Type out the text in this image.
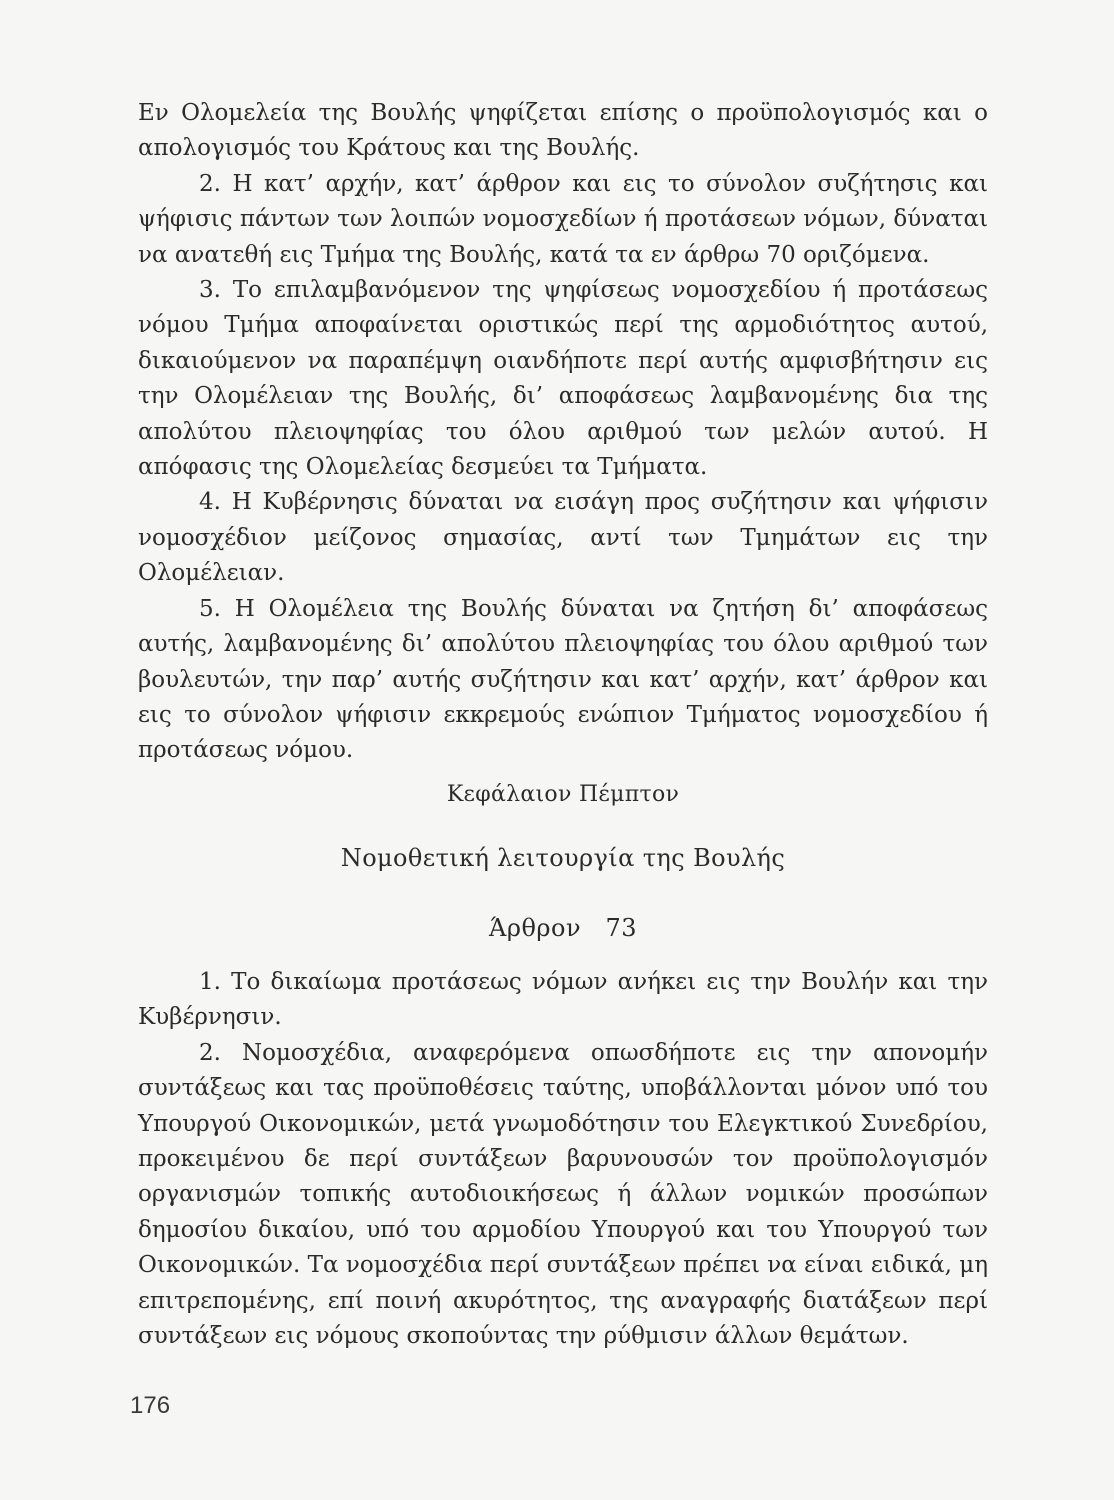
Εν Ολομελεία της Βουλής ψηφίζεται επίσης ο προϋπολογισμός και ο απολογισμός του Κράτους και της Βουλής.

2. Η κατ’ αρχήν, κατ’ άρθρον και εις το σύνολον συζήτησις και ψήφισις πάντων των λοιπών νομοσχεδίων ή προτάσεων νόμων, δύναται να ανατεθή εις Τμήμα της Βουλής, κατά τα εν άρθρω 70 οριζόμενα.

3. Το επιλαμβανόμενον της ψηφίσεως νομοσχεδίου ή προτάσεως νόμου Τμήμα αποφαίνεται οριστικώς περί της αρμοδιότητος αυτού, δικαιούμενον να παραπέμψη οιανδήποτε περί αυτής αμφισβήτησιν εις την Ολομέλειαν της Βουλής, δι’ αποφάσεως λαμβανομένης δια της απολύτου πλειοψηφίας του όλου αριθμού των μελών αυτού. Η απόφασις της Ολομελείας δεσμεύει τα Τμήματα.

4. Η Κυβέρνησις δύναται να εισάγη προς συζήτησιν και ψήφισιν νομοσχέδιον μείζονος σημασίας, αντί των Τμημάτων εις την Ολομέλειαν.

5. Η Ολομέλεια της Βουλής δύναται να ζητήση δι’ αποφάσεως αυτής, λαμβανομένης δι’ απολύτου πλειοψηφίας του όλου αριθμού των βουλευτών, την παρ’ αυτής συζήτησιν και κατ’ αρχήν, κατ’ άρθρον και εις το σύνολον ψήφισιν εκκρεμούς ενώπιον Τμήματος νομοσχεδίου ή προτάσεως νόμου.

Κεφάλαιον Πέμπτον

Νομοθετική λειτουργία της Βουλής

Άρθρον   73

1. Το δικαίωμα προτάσεως νόμων ανήκει εις την Βουλήν και την Κυβέρνησιν.

2. Νομοσχέδια, αναφερόμενα οπωσδήποτε εις την απονομήν συντάξεως και τας προϋποθέσεις ταύτης, υποβάλλονται μόνον υπό του Υπουργού Οικονομικών, μετά γνωμοδότησιν του Ελεγκτικού Συνεδρίου, προκειμένου δε περί συντάξεων βαρυνουσών τον προϋπολογισμόν οργανισμών τοπικής αυτοδιοικήσεως ή άλλων νομικών προσώπων δημοσίου δικαίου, υπό του αρμοδίου Υπουργού και του Υπουργού των Οικονομικών. Τα νομοσχέδια περί συντάξεων πρέπει να είναι ειδικά, μη επιτρεπομένης, επί ποινή ακυρότητος, της αναγραφής διατάξεων περί συντάξεων εις νόμους σκοπούντας την ρύθμισιν άλλων θεμάτων.

176
